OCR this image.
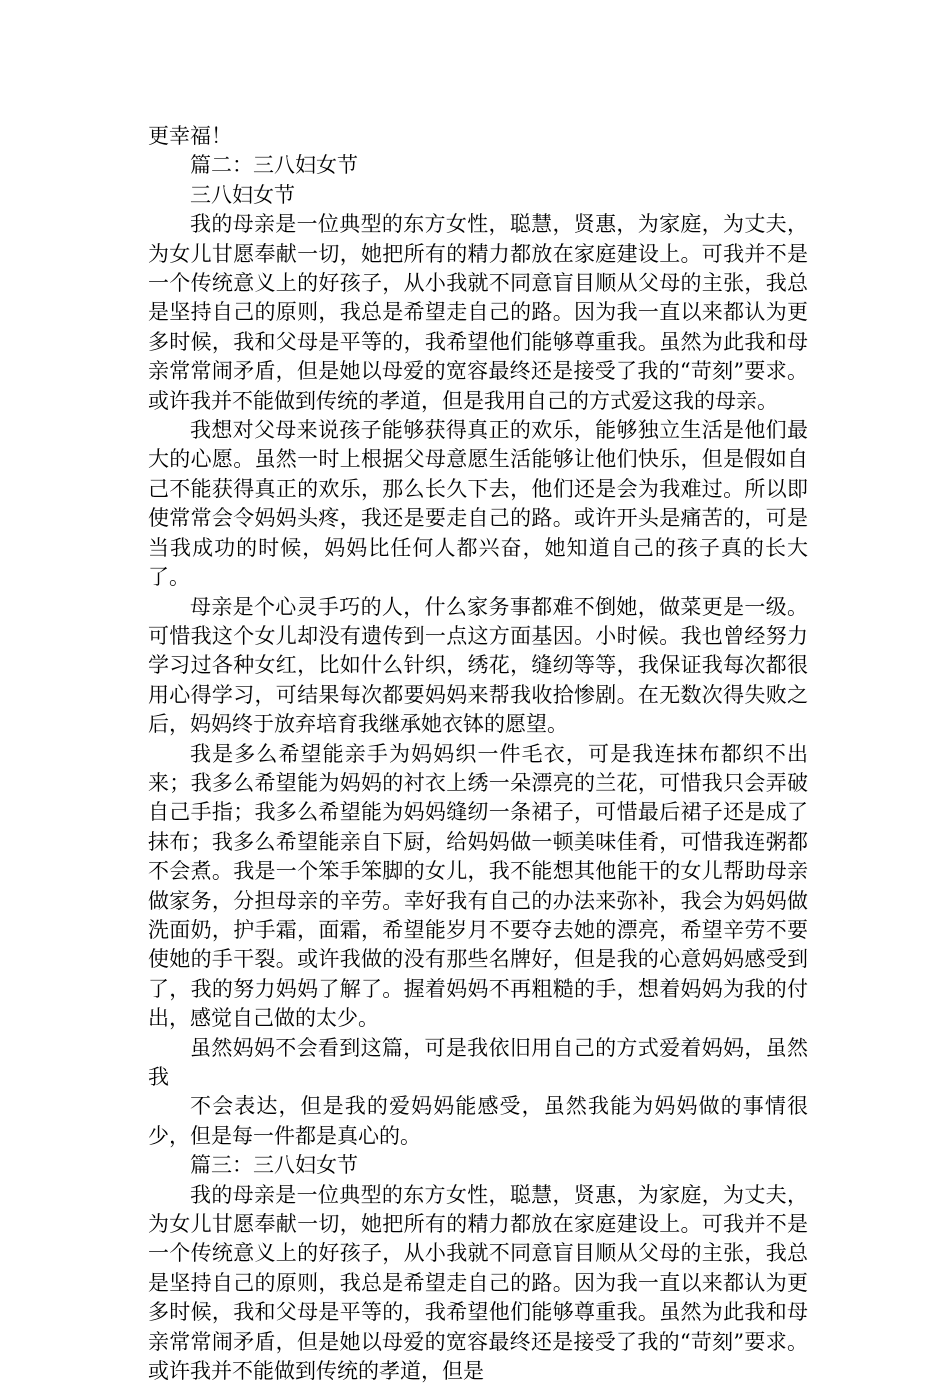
更幸福！

篇二：三八妇女节

三八妇女节

我的母亲是一位典型的东方女性，聪慧，贤惠，为家庭，为丈夫，为女儿甘愿奉献一切，她把所有的精力都放在家庭建设上。可我并不是一个传统意义上的好孩子，从小我就不同意盲目顺从父母的主张，我总是坚持自己的原则，我总是希望走自己的路。因为我一直以来都认为更多时候，我和父母是平等的，我希望他们能够尊重我。虽然为此我和母亲常常闹矛盾，但是她以母爱的宽容最终还是接受了我的“苛刻”要求。或许我并不能做到传统的孝道，但是我用自己的方式爱这我的母亲。

我想对父母来说孩子能够获得真正的欢乐，能够独立生活是他们最大的心愿。虽然一时上根据父母意愿生活能够让他们快乐，但是假如自己不能获得真正的欢乐，那么长久下去，他们还是会为我难过。所以即使常常会令妈妈头疼，我还是要走自己的路。或许开头是痛苦的，可是当我成功的时候，妈妈比任何人都兴奋，她知道自己的孩子真的长大了。

母亲是个心灵手巧的人，什么家务事都难不倒她，做菜更是一级。可惜我这个女儿却没有遗传到一点这方面基因。小时候。我也曾经努力学习过各种女红，比如什么针织，绣花，缝纫等等，我保证我每次都很用心得学习，可结果每次都要妈妈来帮我收拾惨剧。在无数次得失败之后，妈妈终于放弃培育我继承她衣钵的愿望。

我是多么希望能亲手为妈妈织一件毛衣，可是我连抹布都织不出来；我多么希望能为妈妈的衬衣上绣一朵漂亮的兰花，可惜我只会弄破自己手指；我多么希望能为妈妈缝纫一条裙子，可惜最后裙子还是成了抹布；我多么希望能亲自下厨，给妈妈做一顿美味佳肴，可惜我连粥都不会煮。我是一个笨手笨脚的女儿，我不能想其他能干的女儿帮助母亲做家务，分担母亲的辛劳。幸好我有自己的办法来弥补，我会为妈妈做洗面奶，护手霜，面霜，希望能岁月不要夺去她的漂亮，希望辛劳不要使她的手干裂。或许我做的没有那些名牌好，但是我的心意妈妈感受到了，我的努力妈妈了解了。握着妈妈不再粗糙的手，想着妈妈为我的付出，感觉自己做的太少。

虽然妈妈不会看到这篇，可是我依旧用自己的方式爱着妈妈，虽然我

不会表达，但是我的爱妈妈能感受，虽然我能为妈妈做的事情很少，但是每一件都是真心的。

篇三：三八妇女节

我的母亲是一位典型的东方女性，聪慧，贤惠，为家庭，为丈夫，为女儿甘愿奉献一切，她把所有的精力都放在家庭建设上。可我并不是一个传统意义上的好孩子，从小我就不同意盲目顺从父母的主张，我总是坚持自己的原则，我总是希望走自己的路。因为我一直以来都认为更多时候，我和父母是平等的，我希望他们能够尊重我。虽然为此我和母亲常常闹矛盾，但是她以母爱的宽容最终还是接受了我的“苛刻”要求。或许我并不能做到传统的孝道，但是
